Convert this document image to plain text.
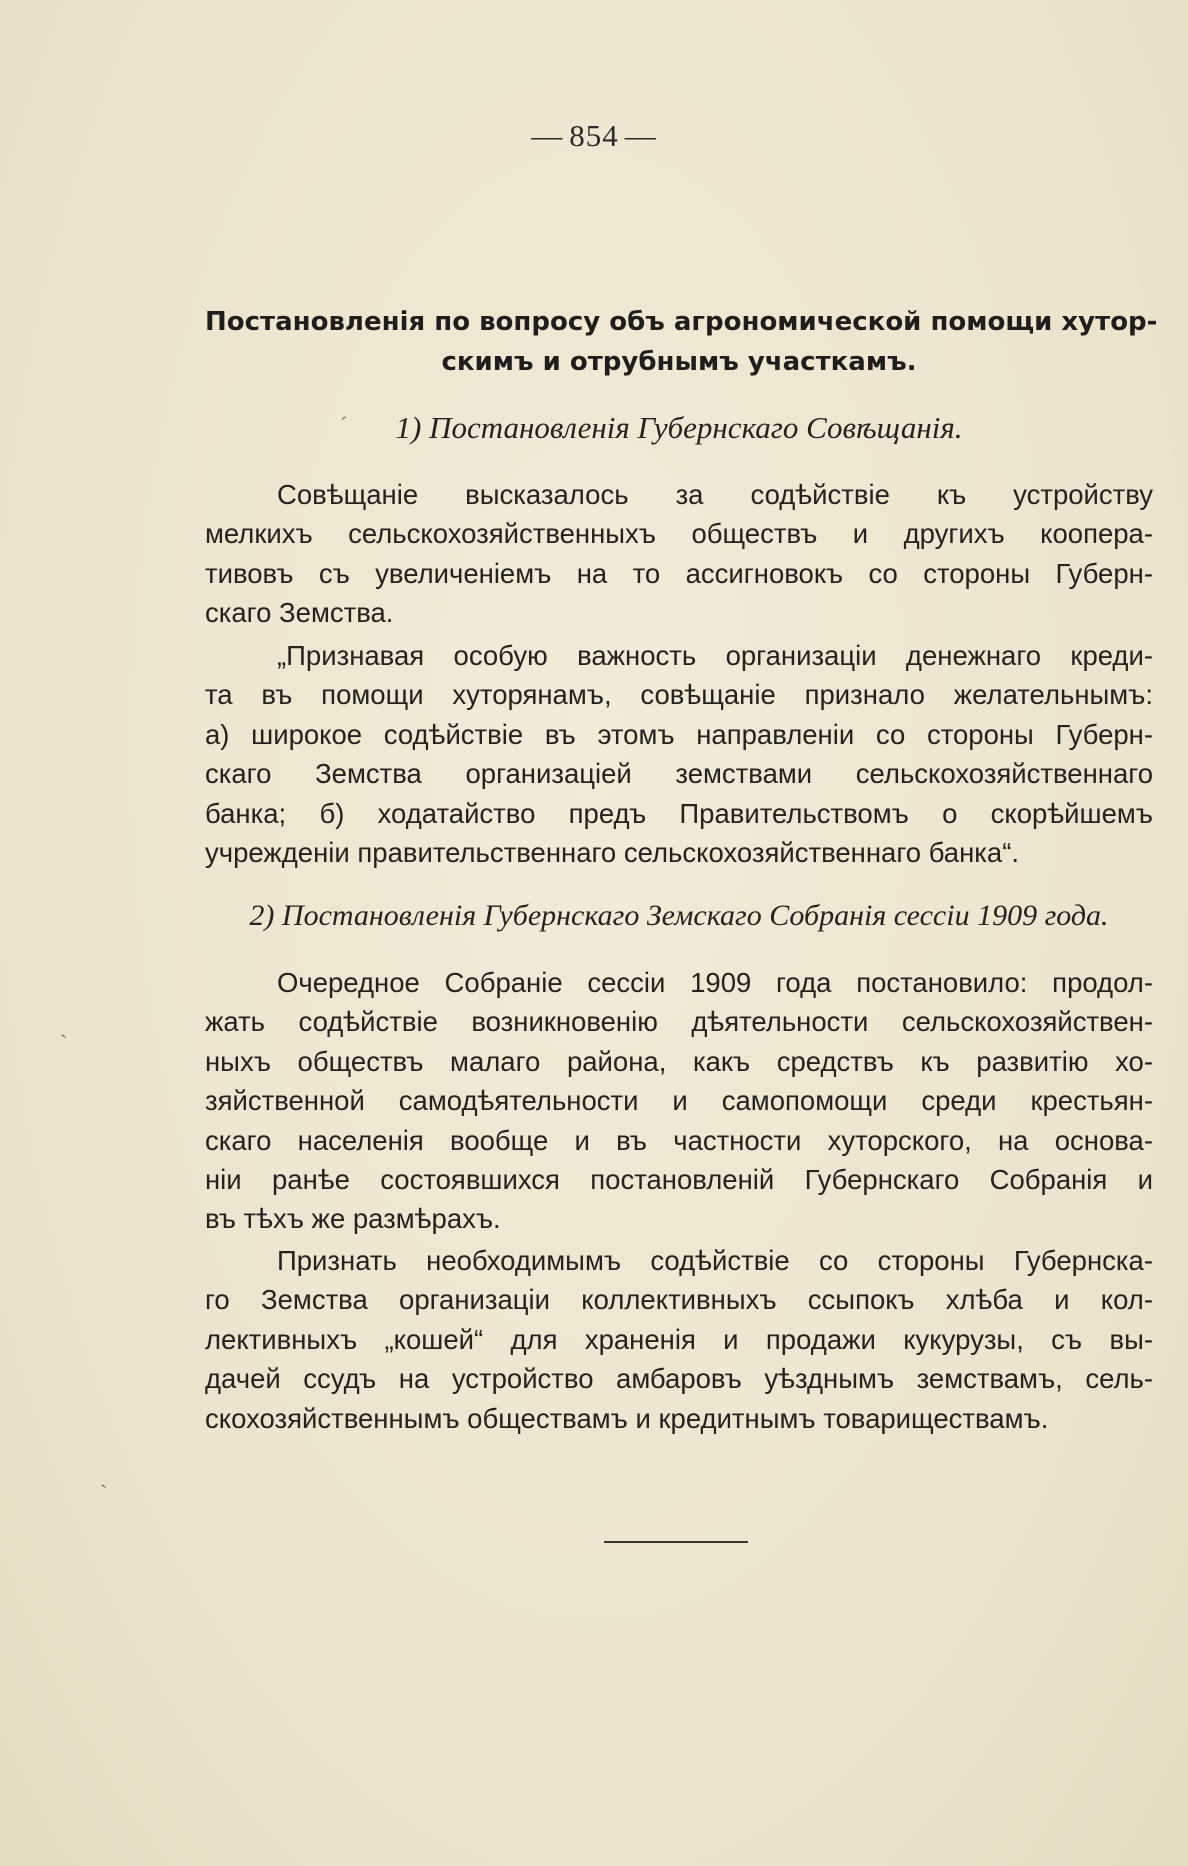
— 854 —
Постановленія по вопросу объ агрономической помощи хутор-
скимъ и отрубнымъ участкамъ.
1) Постановленія Губернскаго Совѣщанія.
Совѣщаніе высказалось за содѣйствіе къ устройству
мелкихъ сельскохозяйственныхъ обществъ и другихъ коопера-
тивовъ съ увеличеніемъ на то ассигновокъ со стороны Губерн-
скаго Земства.
„Признавая особую важность организаціи денежнаго креди-
та въ помощи хуторянамъ, совѣщаніе признало желательнымъ:
а) широкое содѣйствіе въ этомъ направленіи со стороны Губерн-
скаго Земства организаціей земствами сельскохозяйственнаго
банка; б) ходатайство предъ Правительствомъ о скорѣйшемъ
учрежденіи правительственнаго сельскохозяйственнаго банка“.
2) Постановленія Губернскаго Земскаго Собранія сессіи 1909 года.
Очередное Собраніе сессіи 1909 года постановило: продол-
жать содѣйствіе возникновенію дѣятельности сельскохозяйствен-
ныхъ обществъ малаго района, какъ средствъ къ развитію хо-
зяйственной самодѣятельности и самопомощи среди крестьян-
скаго населенія вообще и въ частности хуторского, на основа-
ніи ранѣе состоявшихся постановленій Губернскаго Собранія и
въ тѣхъ же размѣрахъ.
Признать необходимымъ содѣйствіе со стороны Губернска-
го Земства организаціи коллективныхъ ссыпокъ хлѣба и кол-
лективныхъ „кошей“ для храненія и продажи кукурузы, съ вы-
дачей ссудъ на устройство амбаровъ уѣзднымъ земствамъ, сель-
скохозяйственнымъ обществамъ и кредитнымъ товариществамъ.
ˊ
ˋ
ˋ
